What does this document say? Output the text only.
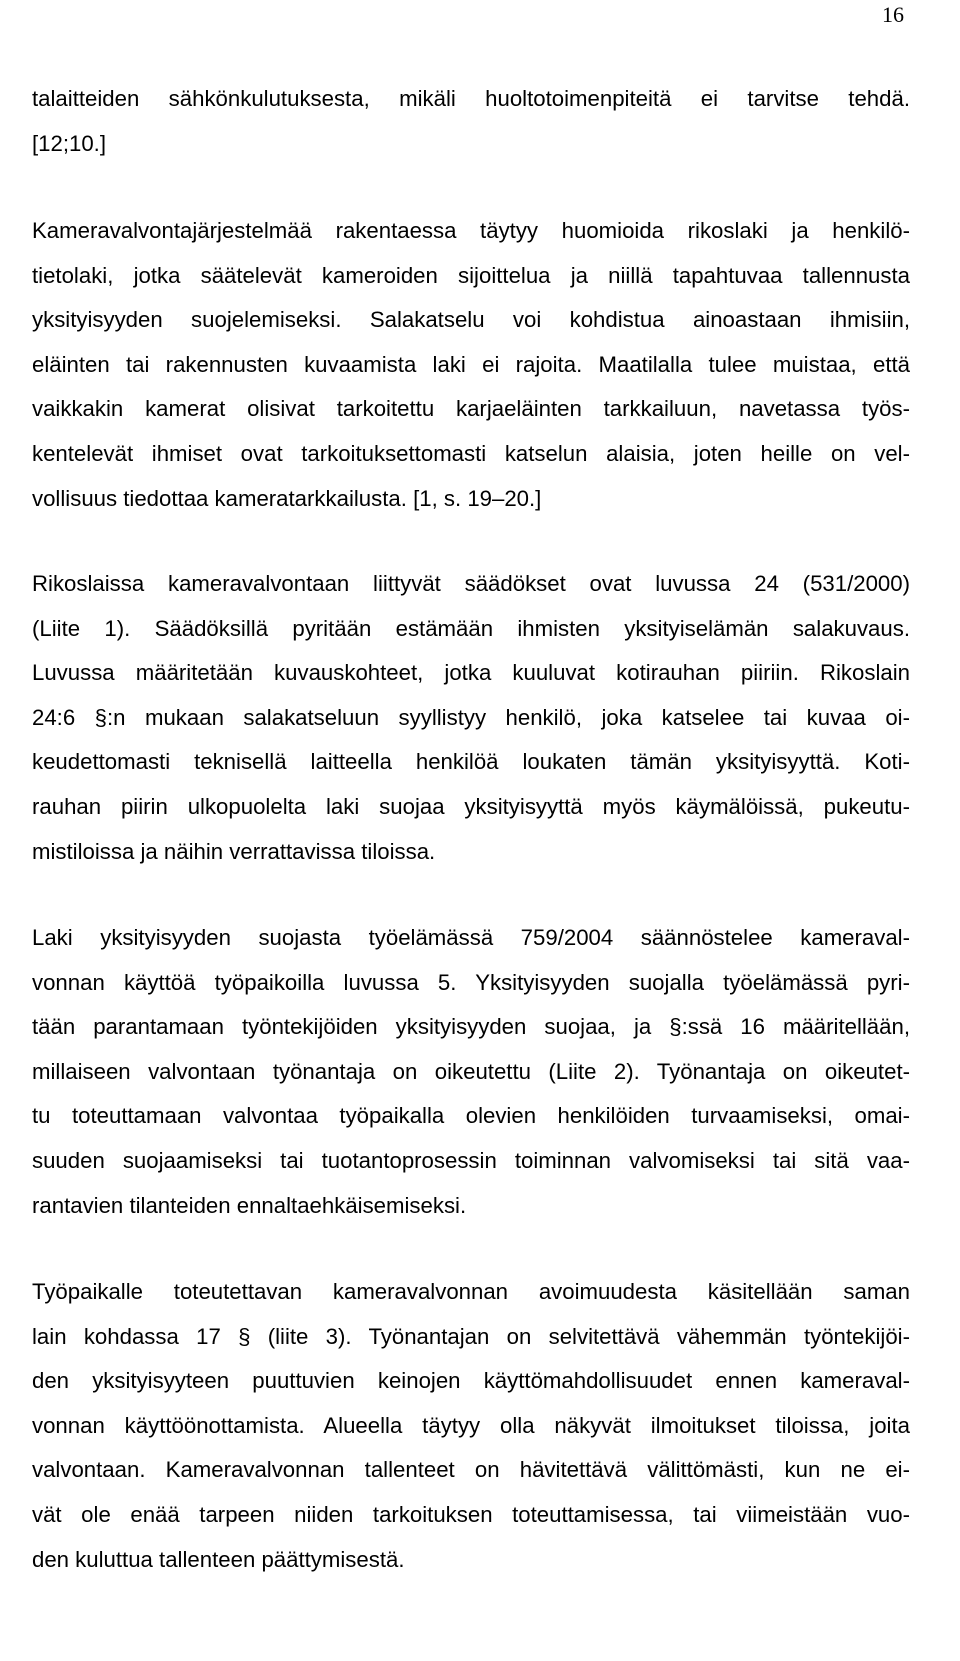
16
talaitteiden sähkönkulutuksesta, mikäli huoltotoimenpiteitä ei tarvitse tehdä.
[12;10.]
Kameravalvontajärjestelmää rakentaessa täytyy huomioida rikoslaki ja henkilö-
tietolaki, jotka säätelevät kameroiden sijoittelua ja niillä tapahtuvaa tallennusta
yksityisyyden suojelemiseksi. Salakatselu voi kohdistua ainoastaan ihmisiin,
eläinten tai rakennusten kuvaamista laki ei rajoita. Maatilalla tulee muistaa, että
vaikkakin kamerat olisivat tarkoitettu karjaeläinten tarkkailuun, navetassa työs-
kentelevät ihmiset ovat tarkoituksettomasti katselun alaisia, joten heille on vel-
vollisuus tiedottaa kameratarkkailusta. [1, s. 19–20.]
Rikoslaissa kameravalvontaan liittyvät säädökset ovat luvussa 24 (531/2000)
(Liite 1). Säädöksillä pyritään estämään ihmisten yksityiselämän salakuvaus.
Luvussa määritetään kuvauskohteet, jotka kuuluvat kotirauhan piiriin. Rikoslain
24:6 §:n mukaan salakatseluun syyllistyy henkilö, joka katselee tai kuvaa oi-
keudettomasti teknisellä laitteella henkilöä loukaten tämän yksityisyyttä. Koti-
rauhan piirin ulkopuolelta laki suojaa yksityisyyttä myös käymälöissä, pukeutu-
mistiloissa ja näihin verrattavissa tiloissa.
Laki yksityisyyden suojasta työelämässä 759/2004 säännöstelee kameraval-
vonnan käyttöä työpaikoilla luvussa 5. Yksityisyyden suojalla työelämässä pyri-
tään parantamaan työntekijöiden yksityisyyden suojaa, ja §:ssä 16 määritellään,
millaiseen valvontaan työnantaja on oikeutettu (Liite 2). Työnantaja on oikeutet-
tu toteuttamaan valvontaa työpaikalla olevien henkilöiden turvaamiseksi, omai-
suuden suojaamiseksi tai tuotantoprosessin toiminnan valvomiseksi tai sitä vaa-
rantavien tilanteiden ennaltaehkäisemiseksi.
Työpaikalle toteutettavan kameravalvonnan avoimuudesta käsitellään saman
lain kohdassa 17 § (liite 3). Työnantajan on selvitettävä vähemmän työntekijöi-
den yksityisyyteen puuttuvien keinojen käyttömahdollisuudet ennen kameraval-
vonnan käyttöönottamista. Alueella täytyy olla näkyvät ilmoitukset tiloissa, joita
valvontaan. Kameravalvonnan tallenteet on hävitettävä välittömästi, kun ne ei-
vät ole enää tarpeen niiden tarkoituksen toteuttamisessa, tai viimeistään vuo-
den kuluttua tallenteen päättymisestä.
